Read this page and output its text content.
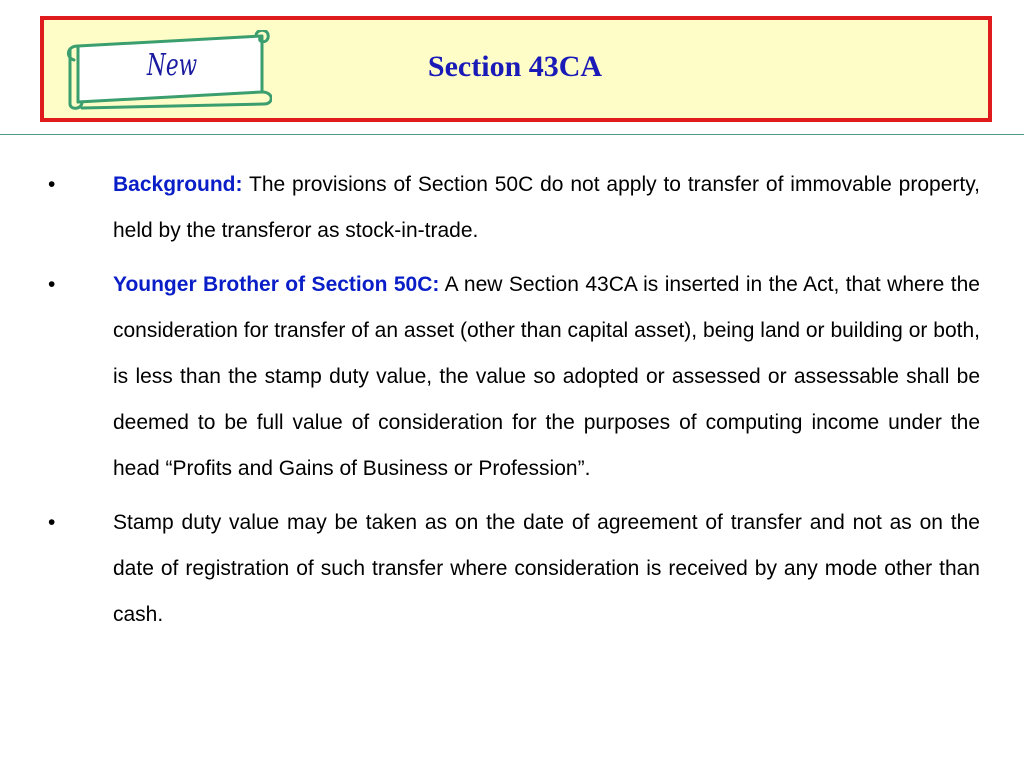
New	Section 43CA
•	Background: The provisions of Section 50C do not apply to transfer of immovable property, held by the transferor as stock-in-trade.
•	Younger Brother of Section 50C: A new Section 43CA is inserted in the Act, that where the consideration for transfer of an asset (other than capital asset), being land or building or both, is less than the stamp duty value, the value so adopted or assessed or assessable shall be deemed to be full value of consideration for the purposes of computing income under the head “Profits and Gains of Business or Profession”.
•	Stamp duty value may be taken as on the date of agreement of transfer and not as on the date of registration of such transfer where consideration is received by any mode other than cash.
